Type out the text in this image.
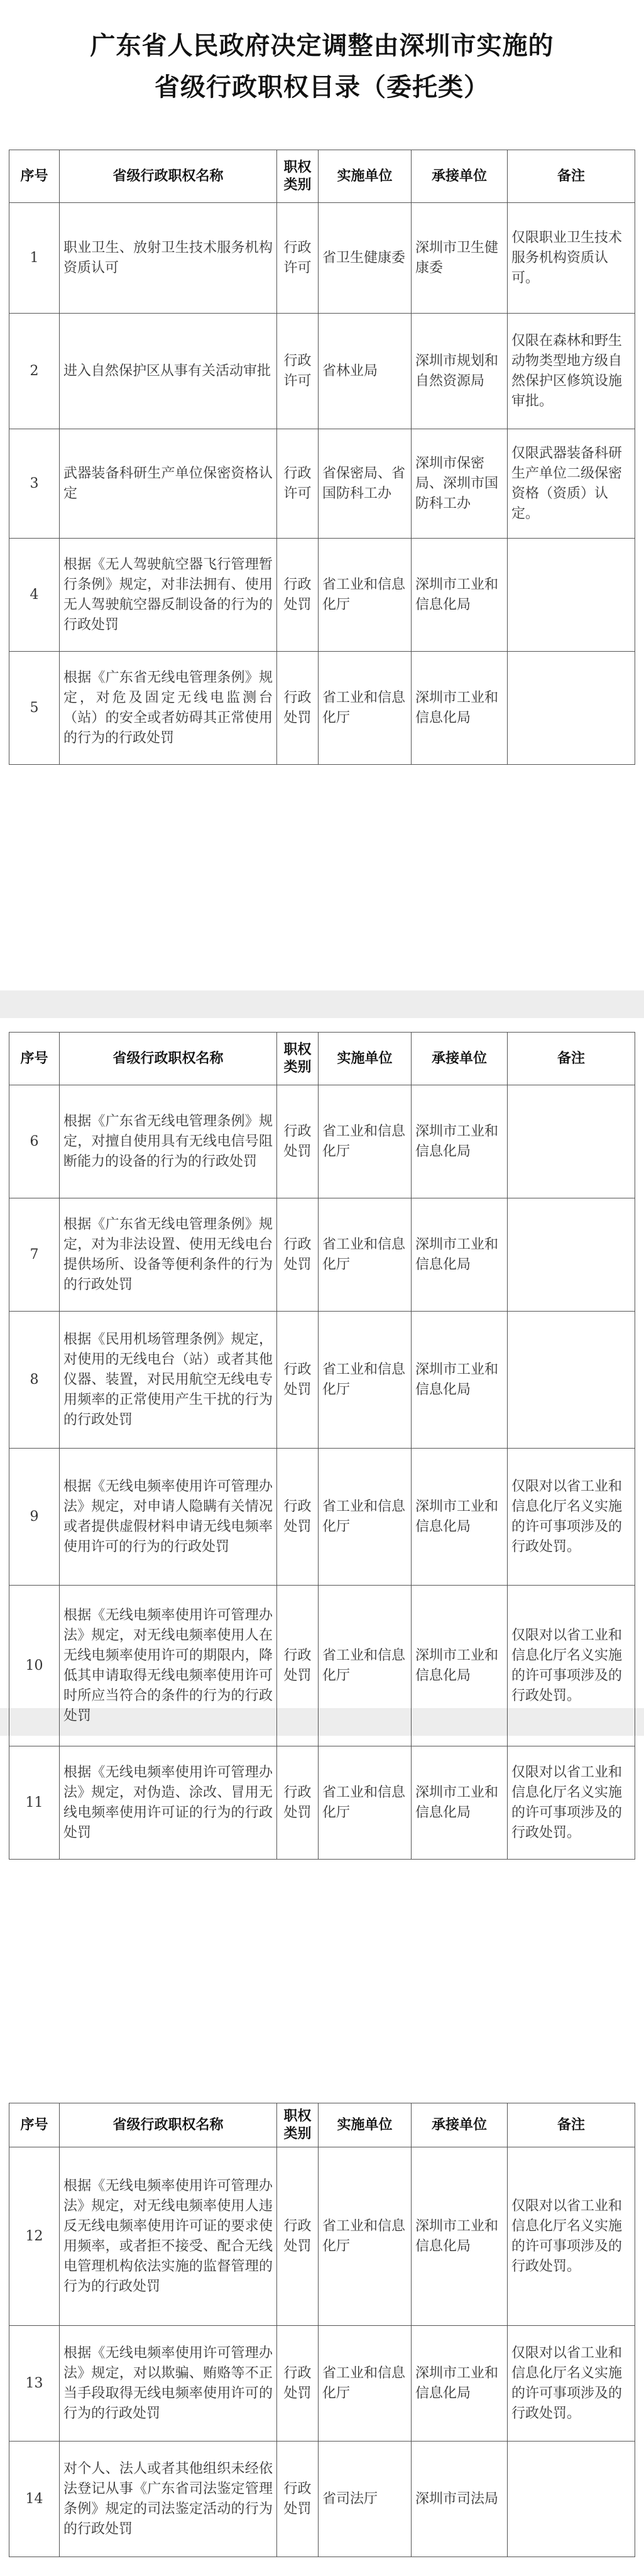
广东省人民政府决定调整由深圳市实施的
省级行政职权目录（委托类）
序号	省级行政职权名称	职权类别	实施单位	承接单位	备注
1	职业卫生、放射卫生技术服务机构资质认可	行政许可	省卫生健康委	深圳市卫生健康委	仅限职业卫生技术服务机构资质认可。
2	进入自然保护区从事有关活动审批	行政许可	省林业局	深圳市规划和自然资源局	仅限在森林和野生动物类型地方级自然保护区修筑设施审批。
3	武器装备科研生产单位保密资格认定	行政许可	省保密局、省国防科工办	深圳市保密局、深圳市国防科工办	仅限武器装备科研生产单位二级保密资格（资质）认定。
4	根据《无人驾驶航空器飞行管理暂行条例》规定，对非法拥有、使用无人驾驶航空器反制设备的行为的行政处罚	行政处罚	省工业和信息化厅	深圳市工业和信息化局	
5	根据《广东省无线电管理条例》规定，对危及固定无线电监测台（站）的安全或者妨碍其正常使用的行为的行政处罚	行政处罚	省工业和信息化厅	深圳市工业和信息化局	
序号	省级行政职权名称	职权类别	实施单位	承接单位	备注
6	根据《广东省无线电管理条例》规定，对擅自使用具有无线电信号阻断能力的设备的行为的行政处罚	行政处罚	省工业和信息化厅	深圳市工业和信息化局	
7	根据《广东省无线电管理条例》规定，对为非法设置、使用无线电台提供场所、设备等便利条件的行为的行政处罚	行政处罚	省工业和信息化厅	深圳市工业和信息化局	
8	根据《民用机场管理条例》规定，对使用的无线电台（站）或者其他仪器、装置，对民用航空无线电专用频率的正常使用产生干扰的行为的行政处罚	行政处罚	省工业和信息化厅	深圳市工业和信息化局	
9	根据《无线电频率使用许可管理办法》规定，对申请人隐瞒有关情况或者提供虚假材料申请无线电频率使用许可的行为的行政处罚	行政处罚	省工业和信息化厅	深圳市工业和信息化局	仅限对以省工业和信息化厅名义实施的许可事项涉及的行政处罚。
10	根据《无线电频率使用许可管理办法》规定，对无线电频率使用人在无线电频率使用许可的期限内，降低其申请取得无线电频率使用许可时所应当符合的条件的行为的行政处罚	行政处罚	省工业和信息化厅	深圳市工业和信息化局	仅限对以省工业和信息化厅名义实施的许可事项涉及的行政处罚。
11	根据《无线电频率使用许可管理办法》规定，对伪造、涂改、冒用无线电频率使用许可证的行为的行政处罚	行政处罚	省工业和信息化厅	深圳市工业和信息化局	仅限对以省工业和信息化厅名义实施的许可事项涉及的行政处罚。
序号	省级行政职权名称	职权类别	实施单位	承接单位	备注
12	根据《无线电频率使用许可管理办法》规定，对无线电频率使用人违反无线电频率使用许可证的要求使用频率，或者拒不接受、配合无线电管理机构依法实施的监督管理的行为的行政处罚	行政处罚	省工业和信息化厅	深圳市工业和信息化局	仅限对以省工业和信息化厅名义实施的许可事项涉及的行政处罚。
13	根据《无线电频率使用许可管理办法》规定，对以欺骗、贿赂等不正当手段取得无线电频率使用许可的行为的行政处罚	行政处罚	省工业和信息化厅	深圳市工业和信息化局	仅限对以省工业和信息化厅名义实施的许可事项涉及的行政处罚。
14	对个人、法人或者其他组织未经依法登记从事《广东省司法鉴定管理条例》规定的司法鉴定活动的行为的行政处罚	行政处罚	省司法厅	深圳市司法局	
